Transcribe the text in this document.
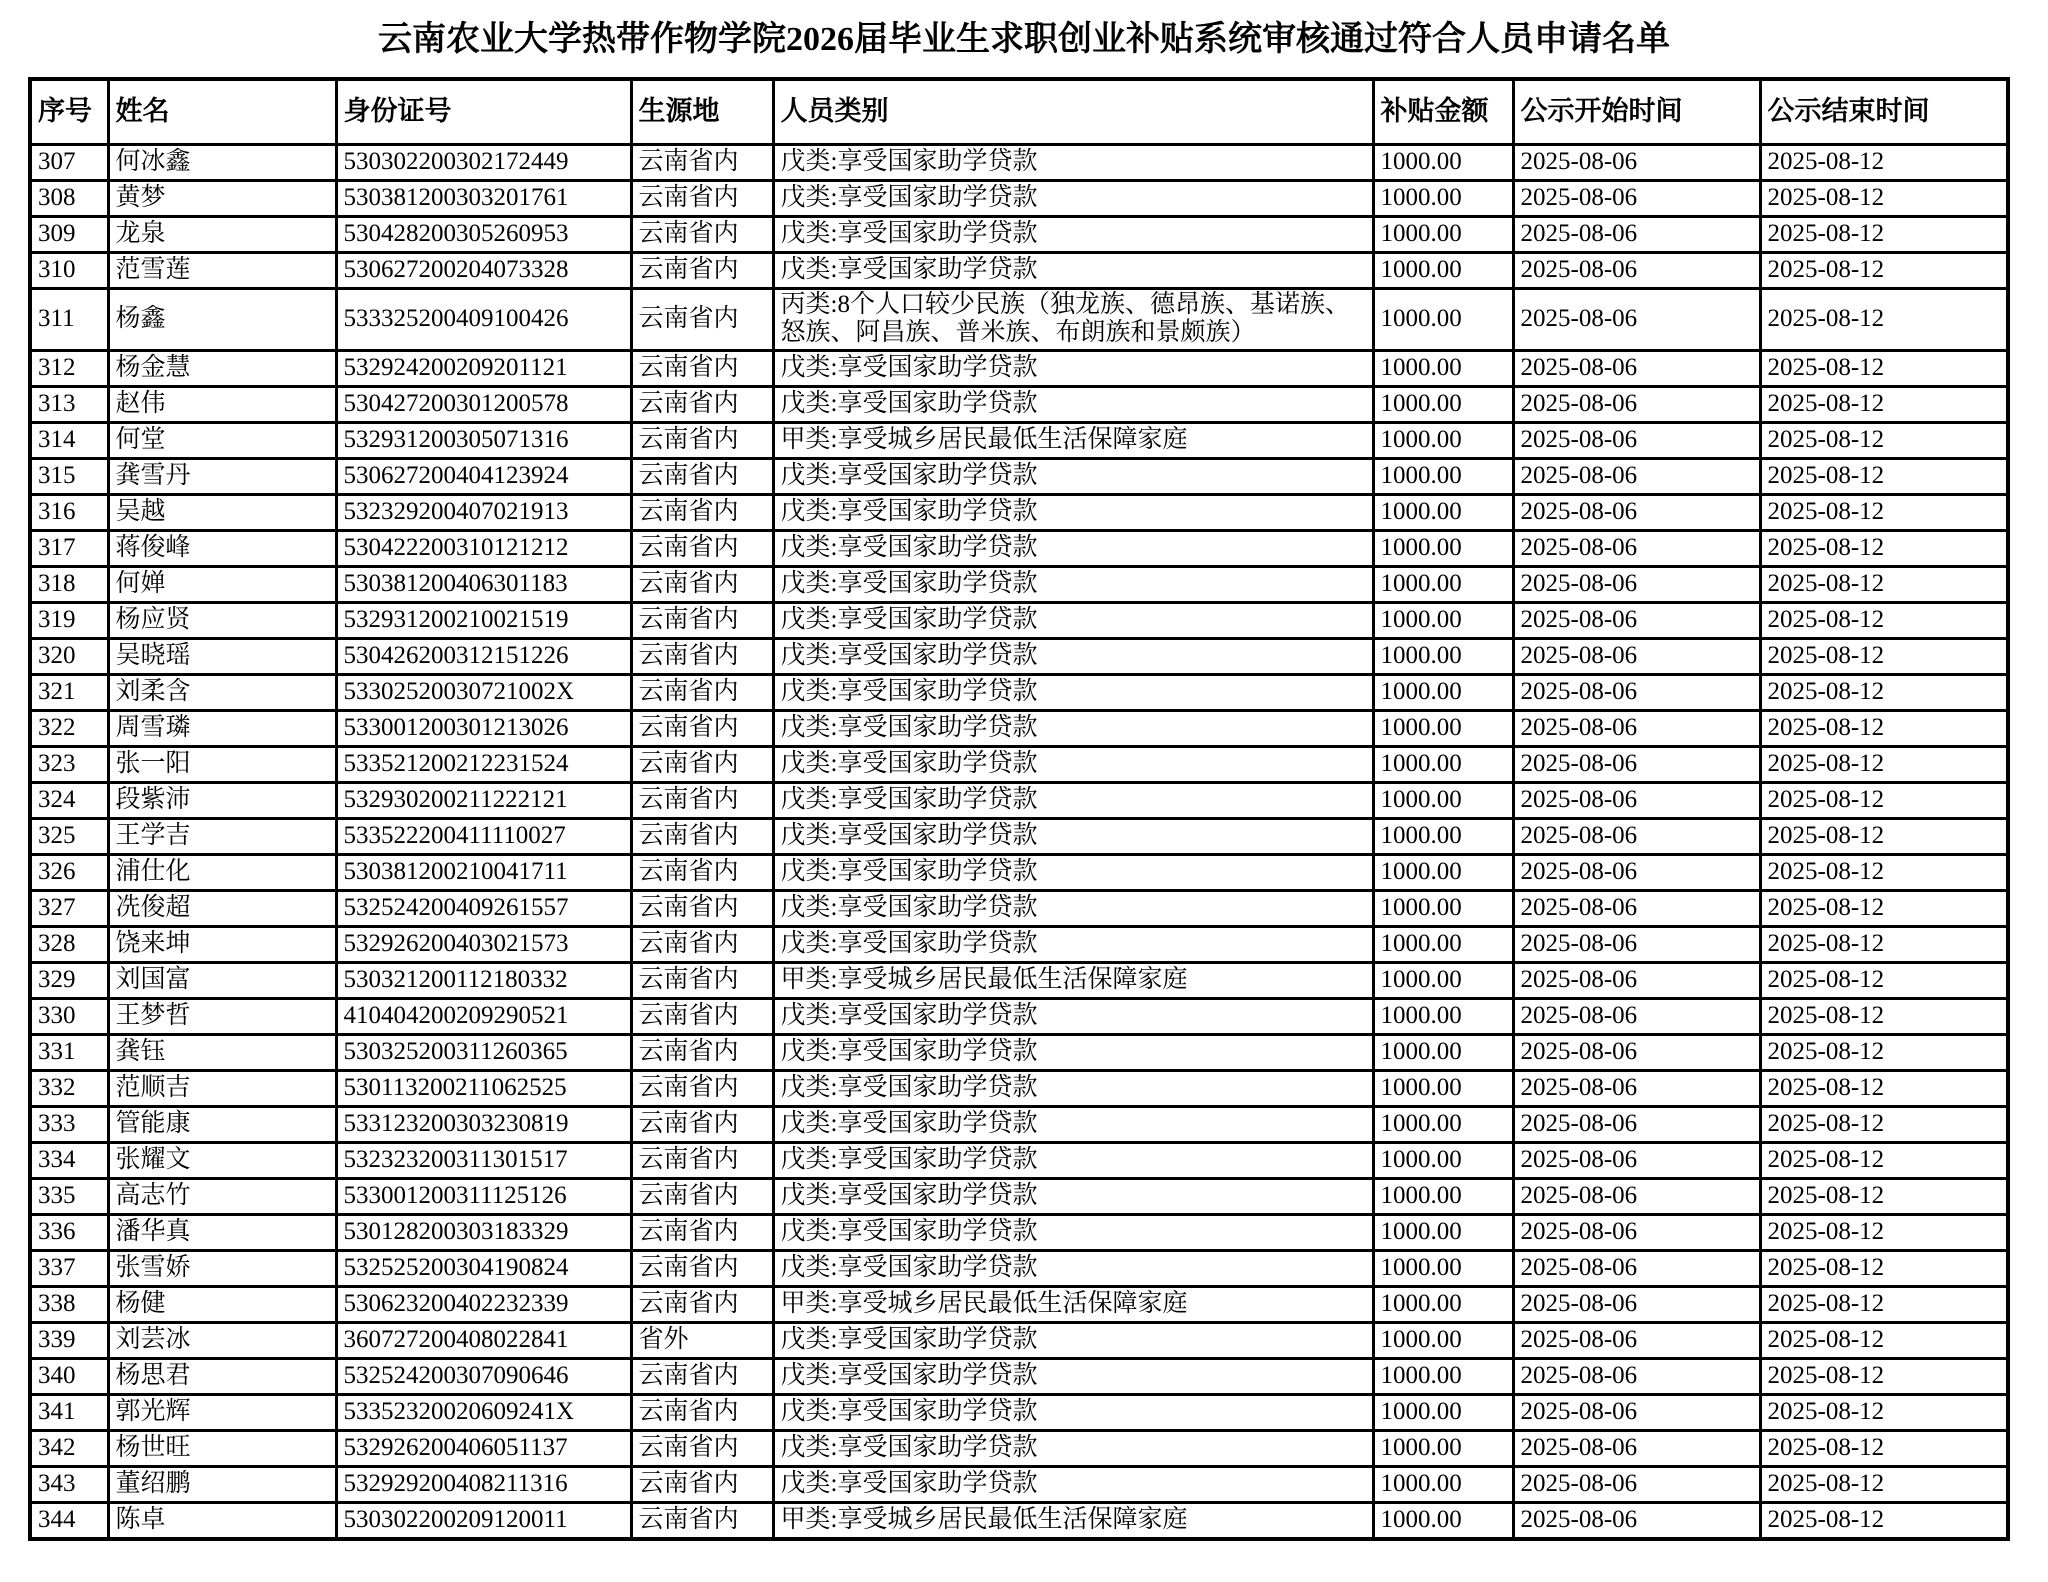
云南农业大学热带作物学院2026届毕业生求职创业补贴系统审核通过符合人员申请名单
序号	姓名	身份证号	生源地	人员类别	补贴金额	公示开始时间	公示结束时间
307	何冰鑫	530302200302172449	云南省内	戊类:享受国家助学贷款	1000.00	2025-08-06	2025-08-12
308	黄梦	530381200303201761	云南省内	戊类:享受国家助学贷款	1000.00	2025-08-06	2025-08-12
309	龙泉	530428200305260953	云南省内	戊类:享受国家助学贷款	1000.00	2025-08-06	2025-08-12
310	范雪莲	530627200204073328	云南省内	戊类:享受国家助学贷款	1000.00	2025-08-06	2025-08-12
311	杨鑫	533325200409100426	云南省内	丙类:8个人口较少民族（独龙族、德昂族、基诺族、怒族、阿昌族、普米族、布朗族和景颇族）	1000.00	2025-08-06	2025-08-12
312	杨金慧	532924200209201121	云南省内	戊类:享受国家助学贷款	1000.00	2025-08-06	2025-08-12
313	赵伟	530427200301200578	云南省内	戊类:享受国家助学贷款	1000.00	2025-08-06	2025-08-12
314	何堂	532931200305071316	云南省内	甲类:享受城乡居民最低生活保障家庭	1000.00	2025-08-06	2025-08-12
315	龚雪丹	530627200404123924	云南省内	戊类:享受国家助学贷款	1000.00	2025-08-06	2025-08-12
316	吴越	532329200407021913	云南省内	戊类:享受国家助学贷款	1000.00	2025-08-06	2025-08-12
317	蒋俊峰	530422200310121212	云南省内	戊类:享受国家助学贷款	1000.00	2025-08-06	2025-08-12
318	何婵	530381200406301183	云南省内	戊类:享受国家助学贷款	1000.00	2025-08-06	2025-08-12
319	杨应贤	532931200210021519	云南省内	戊类:享受国家助学贷款	1000.00	2025-08-06	2025-08-12
320	吴晓瑶	530426200312151226	云南省内	戊类:享受国家助学贷款	1000.00	2025-08-06	2025-08-12
321	刘柔含	53302520030721002X	云南省内	戊类:享受国家助学贷款	1000.00	2025-08-06	2025-08-12
322	周雪璘	533001200301213026	云南省内	戊类:享受国家助学贷款	1000.00	2025-08-06	2025-08-12
323	张一阳	533521200212231524	云南省内	戊类:享受国家助学贷款	1000.00	2025-08-06	2025-08-12
324	段紫沛	532930200211222121	云南省内	戊类:享受国家助学贷款	1000.00	2025-08-06	2025-08-12
325	王学吉	533522200411110027	云南省内	戊类:享受国家助学贷款	1000.00	2025-08-06	2025-08-12
326	浦仕化	530381200210041711	云南省内	戊类:享受国家助学贷款	1000.00	2025-08-06	2025-08-12
327	冼俊超	532524200409261557	云南省内	戊类:享受国家助学贷款	1000.00	2025-08-06	2025-08-12
328	饶来坤	532926200403021573	云南省内	戊类:享受国家助学贷款	1000.00	2025-08-06	2025-08-12
329	刘国富	530321200112180332	云南省内	甲类:享受城乡居民最低生活保障家庭	1000.00	2025-08-06	2025-08-12
330	王梦哲	410404200209290521	云南省内	戊类:享受国家助学贷款	1000.00	2025-08-06	2025-08-12
331	龚钰	530325200311260365	云南省内	戊类:享受国家助学贷款	1000.00	2025-08-06	2025-08-12
332	范顺吉	530113200211062525	云南省内	戊类:享受国家助学贷款	1000.00	2025-08-06	2025-08-12
333	管能康	533123200303230819	云南省内	戊类:享受国家助学贷款	1000.00	2025-08-06	2025-08-12
334	张耀文	532323200311301517	云南省内	戊类:享受国家助学贷款	1000.00	2025-08-06	2025-08-12
335	高志竹	533001200311125126	云南省内	戊类:享受国家助学贷款	1000.00	2025-08-06	2025-08-12
336	潘华真	530128200303183329	云南省内	戊类:享受国家助学贷款	1000.00	2025-08-06	2025-08-12
337	张雪娇	532525200304190824	云南省内	戊类:享受国家助学贷款	1000.00	2025-08-06	2025-08-12
338	杨健	530623200402232339	云南省内	甲类:享受城乡居民最低生活保障家庭	1000.00	2025-08-06	2025-08-12
339	刘芸冰	360727200408022841	省外	戊类:享受国家助学贷款	1000.00	2025-08-06	2025-08-12
340	杨思君	532524200307090646	云南省内	戊类:享受国家助学贷款	1000.00	2025-08-06	2025-08-12
341	郭光辉	53352320020609241X	云南省内	戊类:享受国家助学贷款	1000.00	2025-08-06	2025-08-12
342	杨世旺	532926200406051137	云南省内	戊类:享受国家助学贷款	1000.00	2025-08-06	2025-08-12
343	董绍鹏	532929200408211316	云南省内	戊类:享受国家助学贷款	1000.00	2025-08-06	2025-08-12
344	陈卓	530302200209120011	云南省内	甲类:享受城乡居民最低生活保障家庭	1000.00	2025-08-06	2025-08-12
